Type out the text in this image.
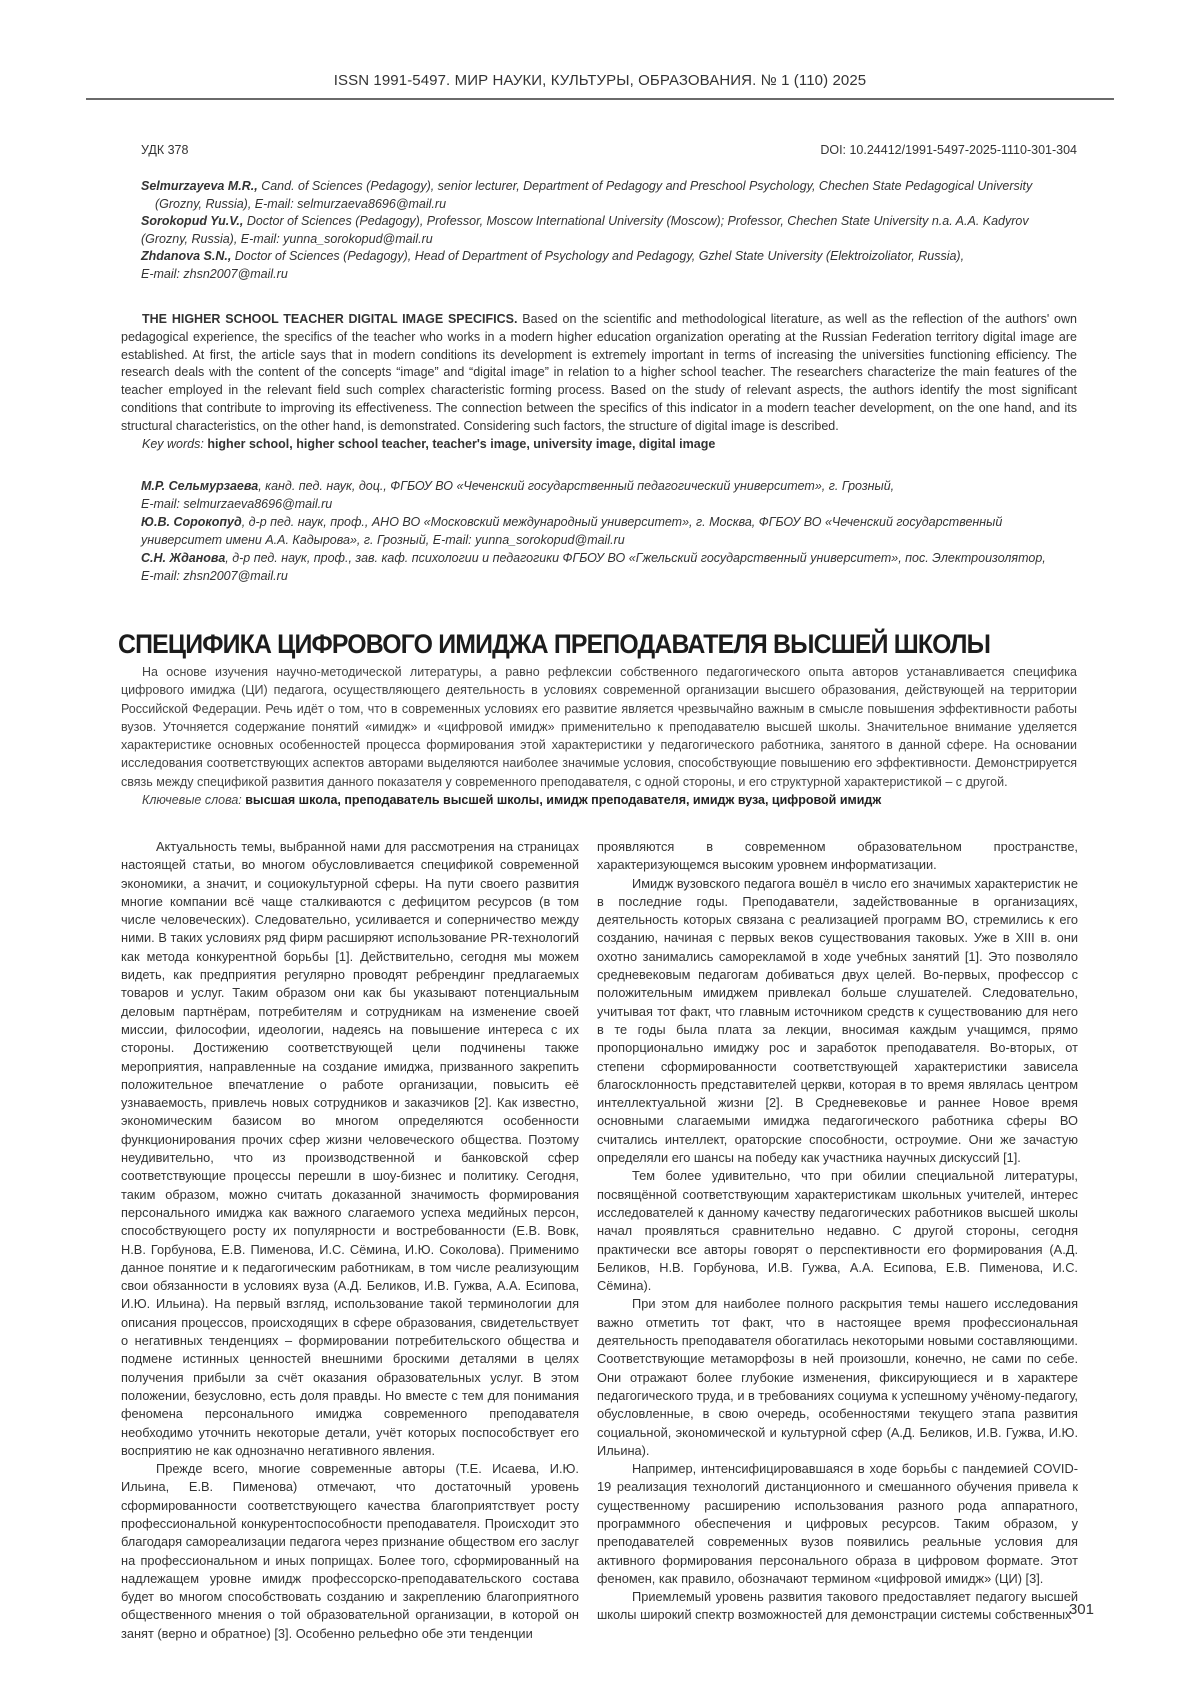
ISSN 1991-5497. МИР НАУКИ, КУЛЬТУРЫ, ОБРАЗОВАНИЯ. № 1 (110) 2025
УДК 378	DOI: 10.24412/1991-5497-2025-1110-301-304

Selmurzayeva M.R., Cand. of Sciences (Pedagogy), senior lecturer, Department of Pedagogy and Preschool Psychology, Chechen State Pedagogical University

(Grozny, Russia), E-mail: selmurzaeva8696@mail.ru

Sorokopud Yu.V., Doctor of Sciences (Pedagogy), Professor, Moscow International University (Moscow); Professor, Chechen State University n.a. A.A. Kadyrov

(Grozny, Russia), E-mail: yunna_sorokopud@mail.ru

Zhdanova S.N., Doctor of Sciences (Pedagogy), Head of Department of Psychology and Pedagogy, Gzhel State University (Elektroizoliator, Russia),

E-mail: zhsn2007@mail.ru

THE HIGHER SCHOOL TEACHER DIGITAL IMAGE SPECIFICS. Based on the scientific and methodological literature, as well as the reflection of the authors' own pedagogical experience, the specifics of the teacher who works in a modern higher education organization operating at the Russian Federation territory digital image are established. At first, the article says that in modern conditions its development is extremely important in terms of increasing the universities functioning efficiency. The research deals with the content of the concepts “image” and “digital image” in relation to a higher school teacher. The researchers characterize the main features of the teacher employed in the relevant field such complex characteristic forming process. Based on the study of relevant aspects, the authors identify the most significant conditions that contribute to improving its effectiveness. The connection between the specifics of this indicator in a modern teacher development, on the one hand, and its structural characteristics, on the other hand, is demonstrated. Considering such factors, the structure of digital image is described.

Key words: higher school, higher school teacher, teacher's image, university image, digital image

М.Р. Сельмурзаева, канд. пед. наук, доц., ФГБОУ ВО «Чеченский государственный педагогический университет», г. Грозный,

E-mail: selmurzaeva8696@mail.ru

Ю.В. Сорокопуд, д-р пед. наук, проф., АНО ВО «Московский международный университет», г. Москва, ФГБОУ ВО «Чеченский государственный

университет имени А.А. Кадырова», г. Грозный, E-mail: yunna_sorokopud@mail.ru

С.Н. Жданова, д-р пед. наук, проф., зав. каф. психологии и педагогики ФГБОУ ВО «Гжельский государственный университет», пос. Электроизолятор,

E-mail: zhsn2007@mail.ru

СПЕЦИФИКА ЦИФРОВОГО ИМИДЖА ПРЕПОДАВАТЕЛЯ ВЫСШЕЙ ШКОЛЫ

На основе изучения научно-методической литературы, а равно рефлексии собственного педагогического опыта авторов устанавливается специфика цифрового имиджа (ЦИ) педагога, осуществляющего деятельность в условиях современной организации высшего образования, действующей на территории Российской Федерации. Речь идёт о том, что в современных условиях его развитие является чрезвычайно важным в смысле повышения эффективности работы вузов. Уточняется содержание понятий «имидж» и «цифровой имидж» применительно к преподавателю высшей школы. Значительное внимание уделяется характеристике основных особенностей процесса формирования этой характеристики у педагогического работника, занятого в данной сфере. На основании исследования соответствующих аспектов авторами выделяются наиболее значимые условия, способствующие повышению его эффективности. Демонстрируется связь между спецификой развития данного показателя у современного преподавателя, с одной стороны, и его структурной характеристикой – с другой.

Ключевые слова: высшая школа, преподаватель высшей школы, имидж преподавателя, имидж вуза, цифровой имидж

Актуальность темы, выбранной нами для рассмотрения на страницах настоящей статьи, во многом обусловливается спецификой современной экономики, а значит, и социокультурной сферы. На пути своего развития многие компании всё чаще сталкиваются с дефицитом ресурсов (в том числе человеческих). Следовательно, усиливается и соперничество между ними. В таких условиях ряд фирм расширяют использование PR-технологий как метода конкурентной борьбы [1]. Действительно, сегодня мы можем видеть, как предприятия регулярно проводят ребрендинг предлагаемых товаров и услуг. Таким образом они как бы указывают потенциальным деловым партнёрам, потребителям и сотрудникам на изменение своей миссии, философии, идеологии, надеясь на повышение интереса с их стороны. Достижению соответствующей цели подчинены также мероприятия, направленные на создание имиджа, призванного закрепить положительное впечатление о работе организации, повысить её узнаваемость, привлечь новых сотрудников и заказчиков [2]. Как известно, экономическим базисом во многом определяются особенности функционирования прочих сфер жизни человеческого общества. Поэтому неудивительно, что из производственной и банковской сфер соответствующие процессы перешли в шоу-бизнес и политику. Сегодня, таким образом, можно считать доказанной значимость формирования персонального имиджа как важного слагаемого успеха медийных персон, способствующего росту их популярности и востребованности (Е.В. Вовк, Н.В. Горбунова, Е.В. Пименова, И.С. Сёмина, И.Ю. Соколова). Применимо данное понятие и к педагогическим работникам, в том числе реализующим свои обязанности в условиях вуза (А.Д. Беликов, И.В. Гужва, А.А. Есипова, И.Ю. Ильина). На первый взгляд, использование такой терминологии для описания процессов, происходящих в сфере образования, свидетельствует о негативных тенденциях – формировании потребительского общества и подмене истинных ценностей внешними броскими деталями в целях получения прибыли за счёт оказания образовательных услуг. В этом положении, безусловно, есть доля правды. Но вместе с тем для понимания феномена персонального имиджа современного преподавателя необходимо уточнить некоторые детали, учёт которых поспособствует его восприятию не как однозначно негативного явления.

Прежде всего, многие современные авторы (Т.Е. Исаева, И.Ю. Ильина, Е.В. Пименова) отмечают, что достаточный уровень сформированности соответствующего качества благоприятствует росту профессиональной конкурентоспособности преподавателя. Происходит это благодаря самореализации педагога через признание обществом его заслуг на профессиональном и иных поприщах. Более того, сформированный на надлежащем уровне имидж профессорско-преподавательского состава будет во многом способствовать созданию и закреплению благоприятного общественного мнения о той образовательной организации, в которой он занят (верно и обратное) [3]. Особенно рельефно обе эти тенденции

проявляются в современном образовательном пространстве, характеризующемся высоким уровнем информатизации.

Имидж вузовского педагога вошёл в число его значимых характеристик не в последние годы. Преподаватели, задействованные в организациях, деятельность которых связана с реализацией программ ВО, стремились к его созданию, начиная с первых веков существования таковых. Уже в XIII в. они охотно занимались саморекламой в ходе учебных занятий [1]. Это позволяло средневековым педагогам добиваться двух целей. Во-первых, профессор с положительным имиджем привлекал больше слушателей. Следовательно, учитывая тот факт, что главным источником средств к существованию для него в те годы была плата за лекции, вносимая каждым учащимся, прямо пропорционально имиджу рос и заработок преподавателя. Во-вторых, от степени сформированности соответствующей характеристики зависела благосклонность представителей церкви, которая в то время являлась центром интеллектуальной жизни [2]. В Средневековье и раннее Новое время основными слагаемыми имиджа педагогического работника сферы ВО считались интеллект, ораторские способности, остроумие. Они же зачастую определяли его шансы на победу как участника научных дискуссий [1].

Тем более удивительно, что при обилии специальной литературы, посвящённой соответствующим характеристикам школьных учителей, интерес исследователей к данному качеству педагогических работников высшей школы начал проявляться сравнительно недавно. С другой стороны, сегодня практически все авторы говорят о перспективности его формирования (А.Д. Беликов, Н.В. Горбунова, И.В. Гужва, А.А. Есипова, Е.В. Пименова, И.С. Сёмина).

При этом для наиболее полного раскрытия темы нашего исследования важно отметить тот факт, что в настоящее время профессиональная деятельность преподавателя обогатилась некоторыми новыми составляющими. Соответствующие метаморфозы в ней произошли, конечно, не сами по себе. Они отражают более глубокие изменения, фиксирующиеся и в характере педагогического труда, и в требованиях социума к успешному учёному-педагогу, обусловленные, в свою очередь, особенностями текущего этапа развития социальной, экономической и культурной сфер (А.Д. Беликов, И.В. Гужва, И.Ю. Ильина).

Например, интенсифицировавшаяся в ходе борьбы с пандемией COVID-19 реализация технологий дистанционного и смешанного обучения привела к существенному расширению использования разного рода аппаратного, программного обеспечения и цифровых ресурсов. Таким образом, у преподавателей современных вузов появились реальные условия для активного формирования персонального образа в цифровом формате. Этот феномен, как правило, обозначают термином «цифровой имидж» (ЦИ) [3].

Приемлемый уровень развития такового предоставляет педагогу высшей школы широкий спектр возможностей для демонстрации системы собственных

301
